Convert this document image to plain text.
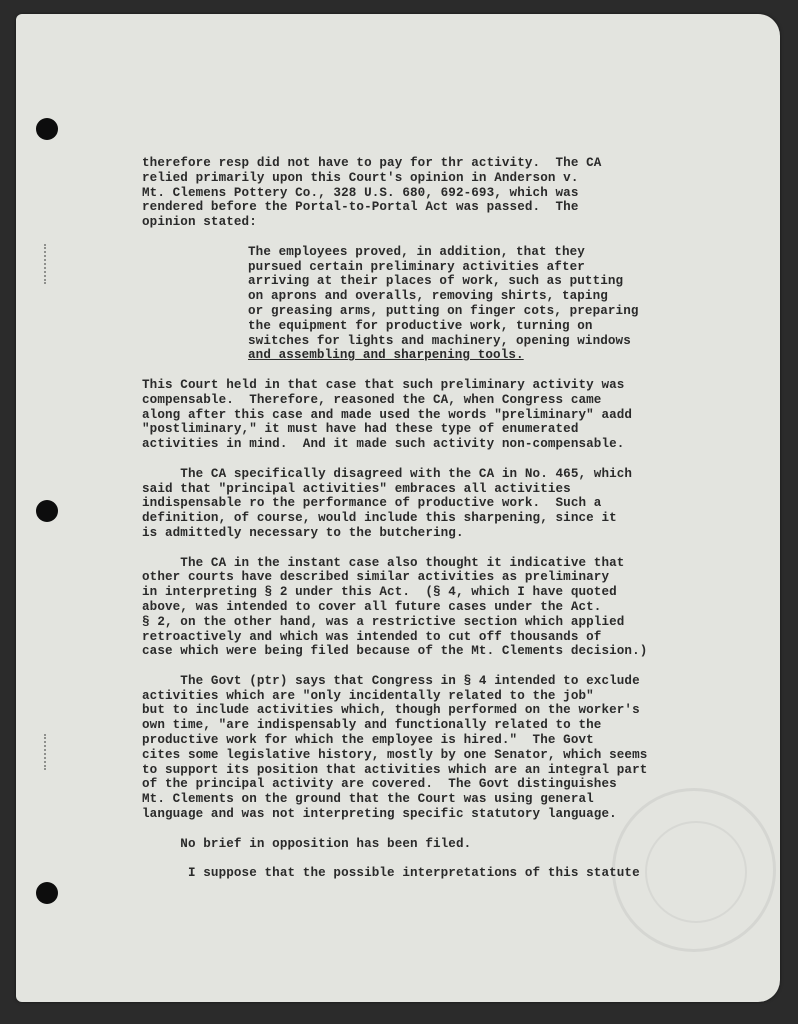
therefore resp did not have to pay for thr activity.  The CA
relied primarily upon this Court's opinion in Anderson v.
Mt. Clemens Pottery Co., 328 U.S. 680, 692-693, which was
rendered before the Portal-to-Portal Act was passed.  The
opinion stated:
The employees proved, in addition, that they
pursued certain preliminary activities after
arriving at their places of work, such as putting
on aprons and overalls, removing shirts, taping
or greasing arms, putting on finger cots, preparing
the equipment for productive work, turning on
switches for lights and machinery, opening windows
and assembling and sharpening tools.
This Court held in that case that such preliminary activity was
compensable.  Therefore, reasoned the CA, when Congress came
along after this case and made used the words "preliminary" aadd
"postliminary," it must have had these type of enumerated
activities in mind.  And it made such activity non-compensable.
The CA specifically disagreed with the CA in No. 465, which
said that "principal activities" embraces all activities
indispensable ro the performance of productive work.  Such a
definition, of course, would include this sharpening, since it
is admittedly necessary to the butchering.
The CA in the instant case also thought it indicative that
other courts have described similar activities as preliminary
in interpreting § 2 under this Act.  (§ 4, which I have quoted
above, was intended to cover all future cases under the Act.
§ 2, on the other hand, was a restrictive section which applied
retroactively and which was intended to cut off thousands of
case which were being filed because of the Mt. Clements decision.)
The Govt (ptr) says that Congress in § 4 intended to exclude
activities which are "only incidentally related to the job"
but to include activities which, though performed on the worker's
own time, "are indispensably and functionally related to the
productive work for which the employee is hired."  The Govt
cites some legislative history, mostly by one Senator, which seems
to support its position that activities which are an integral part
of the principal activity are covered.  The Govt distinguishes
Mt. Clements on the ground that the Court was using general
language and was not interpreting specific statutory language.
No brief in opposition has been filed.
I suppose that the possible interpretations of this statute
